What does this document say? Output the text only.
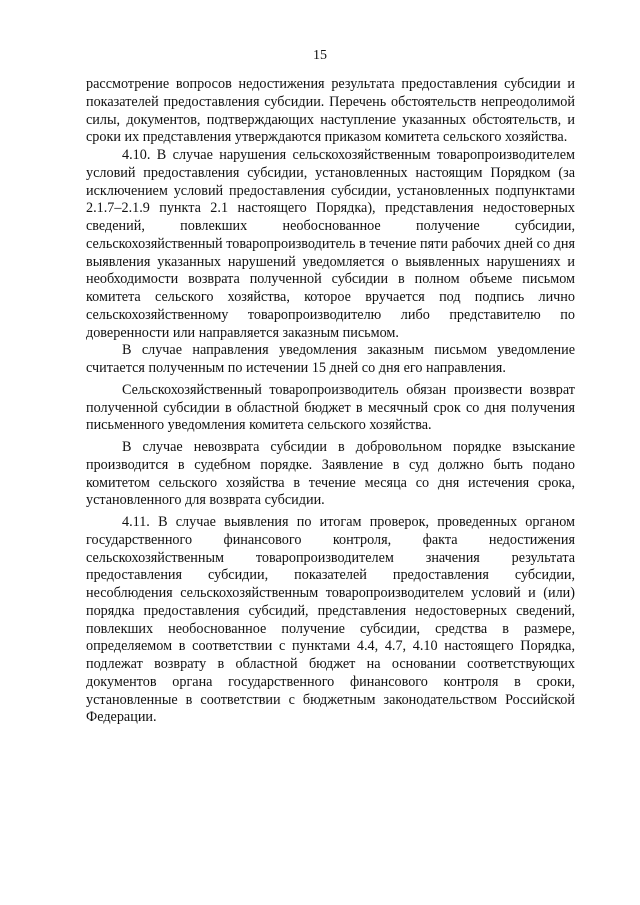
15

рассмотрение вопросов недостижения результата предоставления субсидии и показателей предоставления субсидии. Перечень обстоятельств непреодолимой силы, документов, подтверждающих наступление указанных обстоятельств, и сроки их представления утверждаются приказом комитета сельского хозяйства.

4.10. В случае нарушения сельскохозяйственным товаропроизводителем условий предоставления субсидии, установленных настоящим Порядком (за исключением условий предоставления субсидии, установленных подпунктами 2.1.7–2.1.9 пункта 2.1 настоящего Порядка), представления недостоверных сведений, повлекших необоснованное получение субсидии, сельскохозяйственный товаропроизводитель в течение пяти рабочих дней со дня выявления указанных нарушений уведомляется о выявленных нарушениях и необходимости возврата полученной субсидии в полном объеме письмом комитета сельского хозяйства, которое вручается под подпись лично сельскохозяйственному товаропроизводителю либо представителю по доверенности или направляется заказным письмом.

В случае направления уведомления заказным письмом уведомление считается полученным по истечении 15 дней со дня его направления.

Сельскохозяйственный товаропроизводитель обязан произвести возврат полученной субсидии в областной бюджет в месячный срок со дня получения письменного уведомления комитета сельского хозяйства.

В случае невозврата субсидии в добровольном порядке взыскание производится в судебном порядке. Заявление в суд должно быть подано комитетом сельского хозяйства в течение месяца со дня истечения срока, установленного для возврата субсидии.

4.11. В случае выявления по итогам проверок, проведенных органом государственного финансового контроля, факта недостижения сельскохозяйственным товаропроизводителем значения результата предоставления субсидии, показателей предоставления субсидии, несоблюдения сельскохозяйственным товаропроизводителем условий и (или) порядка предоставления субсидий, представления недостоверных сведений, повлекших необоснованное получение субсидии, средства в размере, определяемом в соответствии с пунктами 4.4, 4.7, 4.10 настоящего Порядка, подлежат возврату в областной бюджет на основании соответствующих документов органа государственного финансового контроля в сроки, установленные в соответствии с бюджетным законодательством Российской Федерации.
